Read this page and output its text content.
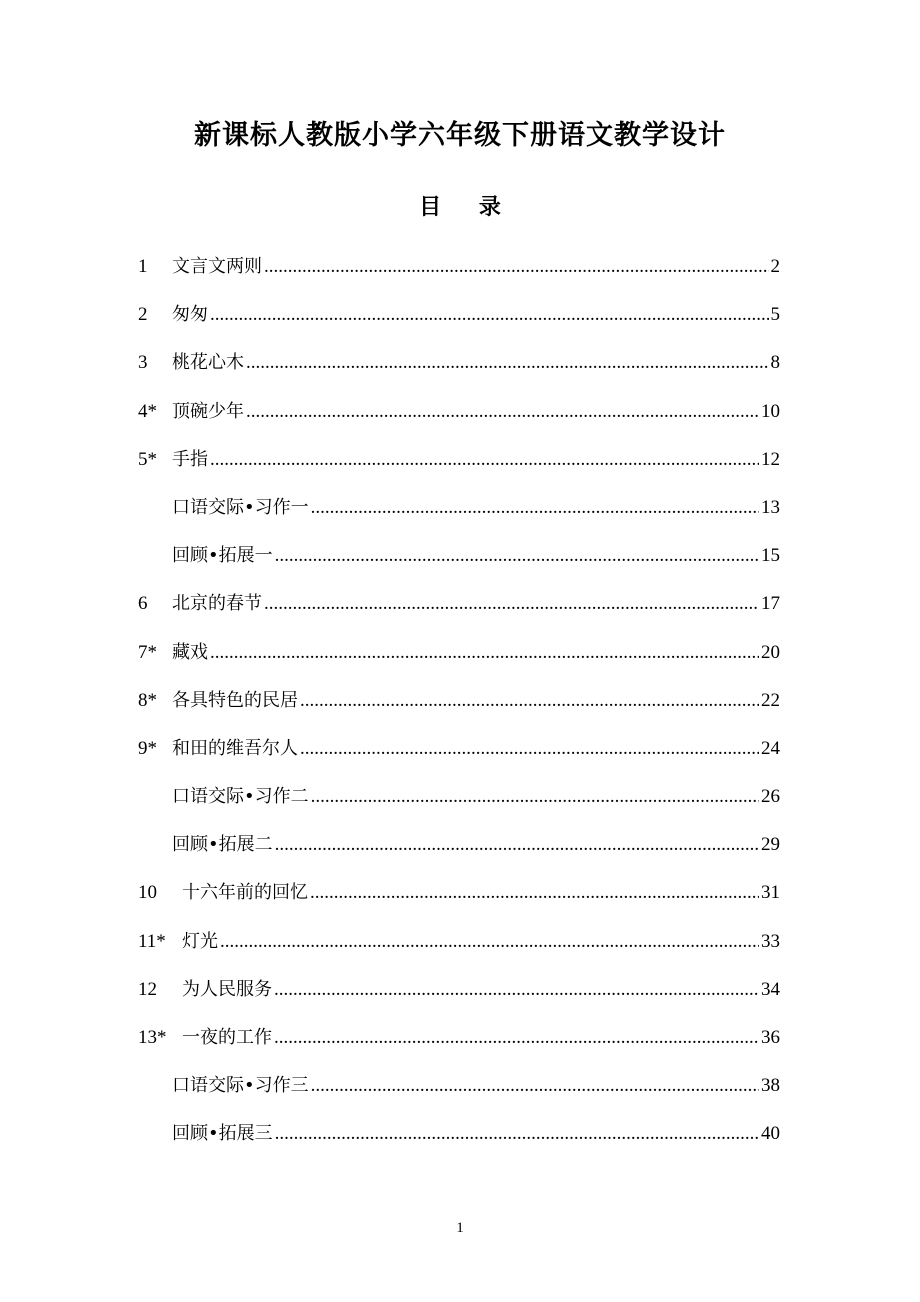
新课标人教版小学六年级下册语文教学设计
目 录
1	文言文两则 .....	2
2	匆匆 .....	5
3	桃花心木 .....	8
4* 顶碗少年 .....	10
5* 手指 .....	12
口语交际•习作一 .....	13
回顾•拓展一 .....	15
6	北京的春节 .....	17
7* 藏戏 .....	20
8* 各具特色的民居 .....	22
9* 和田的维吾尔人 .....	24
口语交际•习作二 .....	26
回顾•拓展二 .....	29
10	十六年前的回忆 .....	31
11* 灯光 .....	33
12	为人民服务 .....	34
13* 一夜的工作 .....	36
口语交际•习作三 .....	38
回顾•拓展三 .....	40
1
